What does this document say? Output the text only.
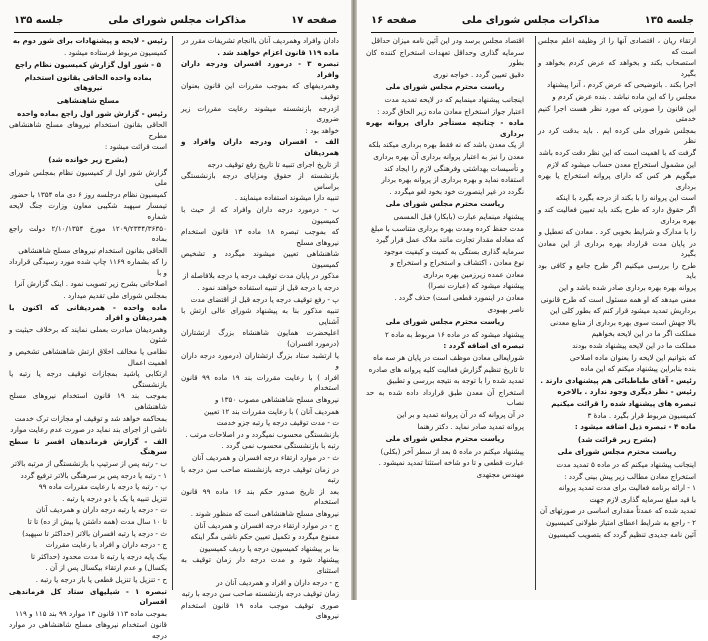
صفحه ۱۷
مذاکرات مجلس شورای ملی
جلسه ۱۳۵

دادان وافراد وهمردیف آنان باانجام تشریفات مقرر در

ماده ۱۱۹ قانون اعزام خواهند شد .

تبصره ۳ - درمورد افسران ودرجه داران وافراد

وهمردیفهای که بموجب مقررات این قانون بعنوان توقیف

ازدرجه بازنشسته میشوند رعایت مقررات زیر ضروری

خواهد بود :

الف - افسران ودرجه داران وافراد و همردیفان

از تاریخ اجرای تنبیه تا تاریخ رفع توقیف درجه

بازنشسته از حقوق ومزایای درجه بازنشستگی براساس

تنبیه دارا میشوند استفاده مینمایند .

ب - درمورد درجه داران وافراد که از حیث با کمیسیون

که بموجب تبصره ۱۸ ماده ۱۳ قانون استخدام نیروهای مسلح

شاهنشاهی تعیین میشوند میگردد و تشخیص کمیسیون

مذکور در پایان مدت توقیف درجه یا درجه بلافاصله از

درجه یا درجه قبل از تنبیه استفاده خواهند نمود .

پ - رفع توقیف درجه یا درجه قبل از اقتضای مدت

تنبیه مذکور بنا به پیشنهاد شورای عالی ارتش با آشنایی

اعلیحضرت همایون شاهنشاه بزرگ ارتشتاران (درمورد افسران)

یا ارتشبد ستاد بزرگ ارتشتاران (درمورد درجه داران و

افراد ) با رعایت مقررات بند ۱۹ ماده ۹۹ قانون استخدام

نیروهای مسلح شاهنشاهی مصوب ۱۳۵۰ و

همردیف آنان ) با رعایت مقررات بند ۱۲ تعیین

ت - مدت توقیف درجه یا رتبه جزو خدمت

بازنشستگی محسوب نمیگردد و در اصلاحات مرتب .

رتبه با بازنشستگی محسوب نمی گردد .

ث - در موارد ارتقاء درجه افسران و همردیف آنان

در زمان توقیف درجه بازنشسته صاحب سن درجه با رتبه

بعد از تاریخ صدور حکم بند ۱۶ ماده ۹۹ قانون استخدام

نیروهای مسلح شاهنشاهی است که منظور شوند .

ج - در موارد ارتقاء درجه افسران و همردیف آنان

ممنوع میگردد و تکمیل تعیین حکم ناشی مگر اینکه

بنا بر پیشنهاد کمیسیون درجه یا ردیف کمیسیون

پیشنهاد شود و مدت درجه دار زمان توقیف به استثنای

ج - درجه داران و افراد و همردیف آنان در

زمان توقیف درجه بازنشسته صاحب سن درجه با رتبه

صوری توقیف موجب ماده ۱۹ قانون استخدام نیروهای

رئیس - لایحه و پیشنهادات برای شور دوم به

کمیسیون مربوط فرستاده میشود .

۵ - شور اول گزارش کمیسیون نظام راجع

بماده واحده الحاقی بقانون استخدام نیروهای

مسلح شاهنشاهی

رئیس - گزارش شور اول راجع بماده واحده

الحاقی بقانون استخدام نیروهای مسلح شاهنشاهی مطرح

است قرائت میشود :

(بشرح زیر خوانده شد)

گزارش شور اول از کمیسیون نظام بمجلس شورای ملی

کمیسیون نظام درجلسه روز ۶ دی ماه ۱۳۵۴ با حضور

تیمسار سپهبد شکیبی معاون وزارت جنگ لایحه شماره

۱۲۰۹/۲۳۳۴/۳۶۳۵۰ مورخ ۲/۱۰/۱۳۵۴ دولت راجع بماده

الحاقی بقانون استخدام نیروهای مسلح شاهنشاهی

را که بشماره ۱۱۶۹ چاپ شده مورد رسیدگی قرارداد و با

اصلاحاتی بشرح زیر تصویب نمود . اینک گزارش آنرا

بمجلس شورای ملی تقدیم میدارد .

ماده واحده - همردیفانی که اکنون با همردیفان و افراد

وهمردیفان مبادرت بعملی نمایند که برخلاف حیثیت و شئون

نظامی یا مخالف اخلاق ارتش شاهنشاهی تشخیص و اهمیت اعمال

ارتکابی پاشید بمجازات توقیف درجه یا رتبه یا بازنشستگی

بموجب بند ۱۹ قانون استخدام نیروهای مسلح شاهنشاهی

بمحاکمه خواهد شد و توقیف او مجازات ترک خدمت

ناشی از اجرای بند نماید در صورت عدم رعایت موارد

الف - گزارش فرماندهان افسر تا سطح سرهنگ

ب - رتبه پس از سرتیپ با بازنشستگی از مرتبه بالاتر

۱ - رتبه یا درجه پس بر سرهنگی بالاتر ترفیع گردد

پ - رتبه یا درجه با رعایت مقررات ماده ۹۹

تنزیل تنبیه یا یک یا دو درجه یا رتبه .

ت - درجه یا رتبه درجه داران و همردیف آنان

تا ۱۰ سال مدت (همه داشتن یا بیش از ده) تا تا

ث - درجه یا رتبه افسران بالاتر (حداکثر تا سپهبد)

ج - درجه داران و افراد با رعایت مقررات

بیک پایه درجه یا رتبه تا مدت محدود (حداکثر تا

یکسال) و عدم ارتقاء بیکسال پس از آن .

ح - تنزیل یا تنزیل قطعی یا باز درجه یا رتبه .

تبصره ۱ - شیلیهای ستاد کل فرماندهی افسران

بموجب ماده ۱۱۳ قانون ۱۳ موارد ۹۹ بند ۱۱۵ و ۱۱۹

قانون استخدام نیروهای مسلح شاهنشاهی در موارد درجه

جلسه ۱۳۵
مذاکرات مجلس شورای ملی
صفحه ۱۶

ارتقاء ریان ، اقتصادی آنها را از وظیفه اعلم مجلس است که

استصحاب بکند و بخواهد که عرض کردم بخواهد و بگیرد

اجرا بکند . باتوضیحی که عرض کردم ، آنرا پیشنهاد

مجلس را که این ماده نباشد . بنده عرض کردم و

این قانون را صورتی که مورد نظر هست اجرا کنیم خدمتی

بمجلس شورای ملی کرده ایم . باید بدقت کرد در نظر

گرفت که با اهمیت است که این نظر دقت کرده باشد

این مشمول استخراج معدن حساب میشود که لازم

میگویم هر کس که دارای پروانه استخراج یا بهره برداری

است این پروانه را با بکند از درجه بگیرد با اینکه

اگر حقوق دارد که طرح بکند باید تعیین فعالیت کند و بهره برداری

را با مدارک و شرایط بخوبی کرد . معادن که تعطیل و

در پایان مدت قرارداد بهره برداری از این معادن بگیرد

طرح را بررسی میکنیم اگر طرح جامع و کافی بود باید

پروانه بهره بهره برداری صادر شده باشد و این

معنی میدهد که او همه مسئول است که طرح قانونی

برداریش تمدید میشود قرار کنم که بطور کلی این

بالا جهش است سوی بهره برداری از منابع معدنی

مملکت اگر ما در این لایحه بخواهیم

مملکت ما در این لایحه پیشنهاد شده بودند

که بتوانیم این لایحه را بعنوان ماده اصلاحی

بنده بنابراین پیشنهاد میکنم که این ماده

رئیس - آقای طباطبائی هم پیشنهادی دارند .

رئیس - نظر دیگری وجود ندارد . بالاخره

تبصره های پیشنهاد شده را قرائت میکنیم

کمیسیون مربوط قرار بگیرد . مادهٔ ۳

ماده ۴ - تبصره ذیل اضافه میشود :

(بشرح زیر قرائت شد)

ریاست محترم مجلس شورای ملی

اینجانب پیشنهاد میکنم که در ماده ۵ تمدید مدت

استخراج معادن مطالب زیر پیش بینی گردد :

۱ - ارائه برنامه فعالیت برای مدت تمدید پروانه

با قید مبلغ سرمایه گذاری لازم جهت

تمدید شده که عمدتاً مقداری اساسی در صورتهای آن

۲ - راجع به شرایط اعطای امتیاز طولانی کمیسیون

آئین نامه جدیدی تنظیم گردد که بتصویب کمیسیون

اقتصاد مجلس برسد ودر این آئین نامه میزان حداقل

سرمایه گذاری وحداقل تعهدات استخراج کننده کان بطور

دقیق تعیین گردد . خواجه نوری

ریاست محترم مجلس شورای ملی

اینجانب پیشنهاد مینمایم که در لایحه تمدید مدت

اعتبار جواز استخراج معادن ماده زیر الحاق گردد :

ماده - چنانچه مستأجر دارای پروانه بهره برداری

از یک معدن باشد که نه فقط بهره برداری میکند بلکه

معدن را نیز به اعتبار پروانه برداری آن بهره برداری

و تأسیسات بهداشتی وفرهنگی لازم را ایجاد کند

استفاده نماید و بهره برداری از پروانه بهره بردار

نگردد در غیر اینصورت خود بخود لغو میگردد .

ریاست محترم مجلس شورای ملی

پیشنهاد مینمایم عبارت (بابکار) قبل المسمی

مدت حفظ کرده ومدت بهره برداری متناسب با مبلغ

که معادله مقدار تجارت مانند ملاک عمل قرار گیرد

سرمایه گذاری بستگی به کمیت و کیفیت موجود

نوع معادن ، اکتشاف و استخراج و استخراج و

معادن عمده زیرزمین بهره برداری

پیشنهاد میشود که (عبارت نصرا)

معادن در اینمورد قطعی است) حذف گردد .

ناصر بهبودی

ریاست محترم مجلس شورای ملی

پیشنهاد میشود که در ماده ۱۶ مربوط به ماده ۲

تبصره ای اضافه گردد :

شورایعالی معادن موظف است در پایان هر سه ماه

تا تاریخ تنظیم گزارش فعالیت کلیه پروانه های صادره

تمدید شده را با توجه به نتیجه بررسی و تطبیق

استخراج آن معدن طبق قرارداد داده شده به حد نصاب

در آن پروانه که در آن پروانه تمدید و بر این

پروانه تمدید صادر نماید . دکتر رهنما

ریاست محترم مجلس شورای ملی

پیشنهاد میکنم در ماده ۵ بعد از سطر آخر (بکلی)

عبارت قطعی و تا دو شاخه استثنا تمدید نمیشود .

مهندس مجتهدی
